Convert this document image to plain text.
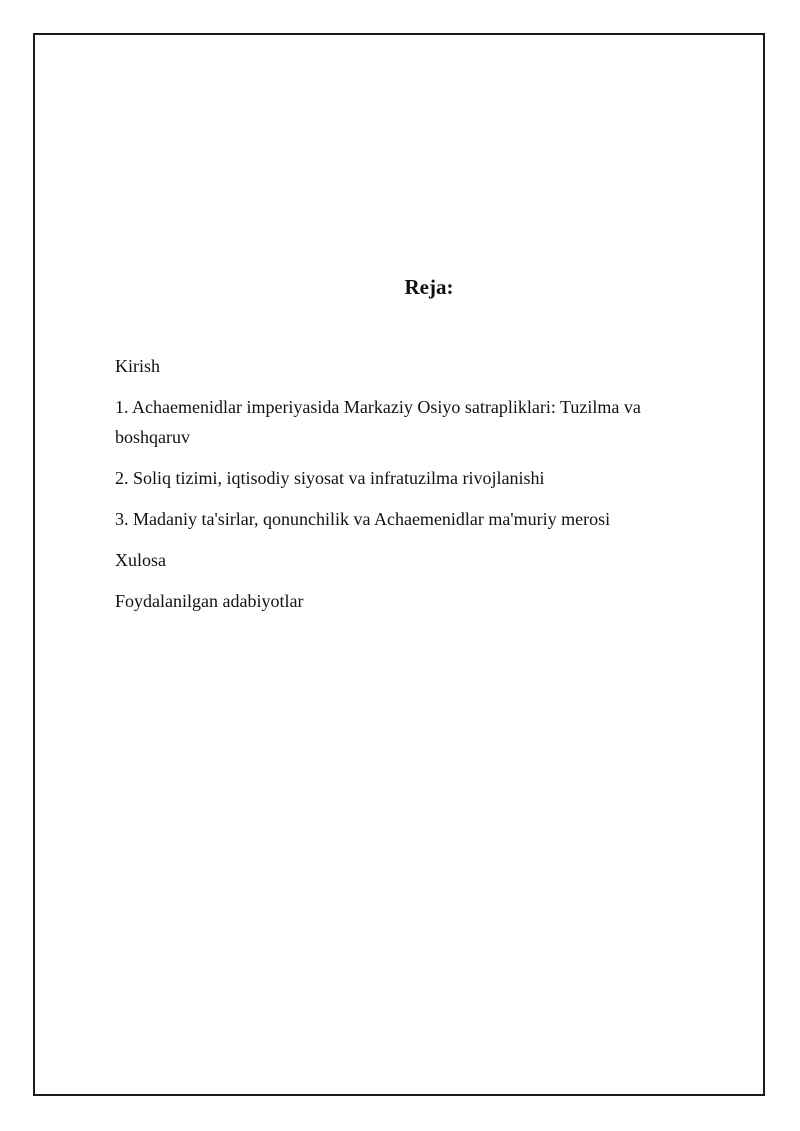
Reja:
Kirish
1. Achaemenidlar imperiyasida Markaziy Osiyo satrapliklari: Tuzilma va boshqaruv
2. Soliq tizimi, iqtisodiy siyosat va infratuzilma rivojlanishi
3. Madaniy ta'sirlar, qonunchilik va Achaemenidlar ma'muriy merosi
Xulosa
Foydalanilgan adabiyotlar
